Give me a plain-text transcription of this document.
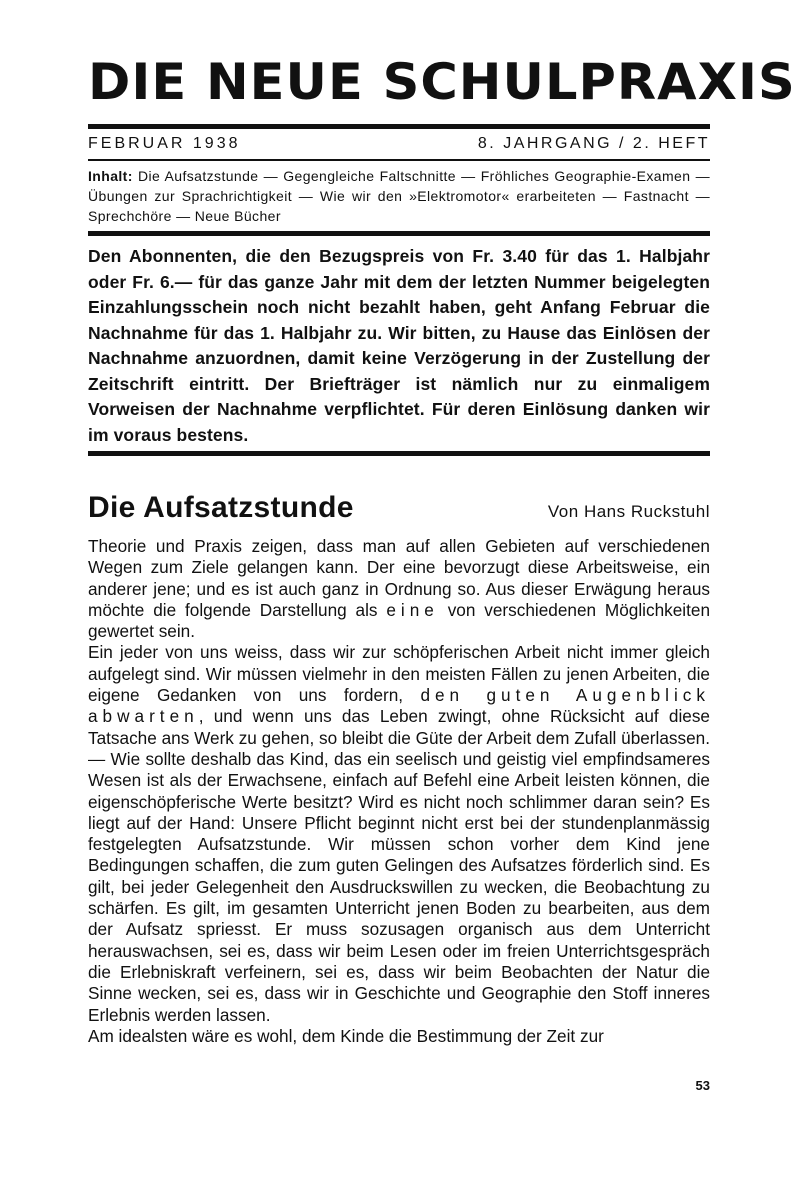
DIE NEUE SCHULPRAXIS
FEBRUAR 1938	8. JAHRGANG / 2. HEFT
Inhalt: Die Aufsatzstunde — Gegengleiche Faltschnitte — Fröhliches Geographie-Examen — Übungen zur Sprachrichtigkeit — Wie wir den »Elektromotor« erarbeiteten — Fastnacht — Sprechchöre — Neue Bücher
Den Abonnenten, die den Bezugspreis von Fr. 3.40 für das 1. Halbjahr oder Fr. 6.— für das ganze Jahr mit dem der letzten Nummer beigelegten Einzahlungsschein noch nicht bezahlt haben, geht Anfang Februar die Nachnahme für das 1. Halbjahr zu. Wir bitten, zu Hause das Einlösen der Nachnahme anzuordnen, damit keine Verzögerung in der Zustellung der Zeitschrift eintritt. Der Briefträger ist nämlich nur zu einmaligem Vorweisen der Nachnahme verpflichtet. Für deren Einlösung danken wir im voraus bestens.
Die Aufsatzstunde	Von Hans Ruckstuhl

Theorie und Praxis zeigen, dass man auf allen Gebieten auf verschiedenen Wegen zum Ziele gelangen kann. Der eine bevorzugt diese Arbeitsweise, ein anderer jene; und es ist auch ganz in Ordnung so. Aus dieser Erwägung heraus möchte die folgende Darstellung als eine von verschiedenen Möglichkeiten gewertet sein.

Ein jeder von uns weiss, dass wir zur schöpferischen Arbeit nicht immer gleich aufgelegt sind. Wir müssen vielmehr in den meisten Fällen zu jenen Arbeiten, die eigene Gedanken von uns fordern, den guten Augenblick abwarten, und wenn uns das Leben zwingt, ohne Rücksicht auf diese Tatsache ans Werk zu gehen, so bleibt die Güte der Arbeit dem Zufall überlassen. — Wie sollte deshalb das Kind, das ein seelisch und geistig viel empfindsameres Wesen ist als der Erwachsene, einfach auf Befehl eine Arbeit leisten können, die eigenschöpferische Werte besitzt? Wird es nicht noch schlimmer daran sein? Es liegt auf der Hand: Unsere Pflicht beginnt nicht erst bei der stundenplanmässig festgelegten Aufsatzstunde. Wir müssen schon vorher dem Kind jene Bedingungen schaffen, die zum guten Gelingen des Aufsatzes förderlich sind. Es gilt, bei jeder Gelegenheit den Ausdruckswillen zu wecken, die Beobachtung zu schärfen. Es gilt, im gesamten Unterricht jenen Boden zu bearbeiten, aus dem der Aufsatz spriesst. Er muss sozusagen organisch aus dem Unterricht herauswachsen, sei es, dass wir beim Lesen oder im freien Unterrichtsgespräch die Erlebniskraft verfeinern, sei es, dass wir beim Beobachten der Natur die Sinne wecken, sei es, dass wir in Geschichte und Geographie den Stoff inneres Erlebnis werden lassen.

Am idealsten wäre es wohl, dem Kinde die Bestimmung der Zeit zur

53
